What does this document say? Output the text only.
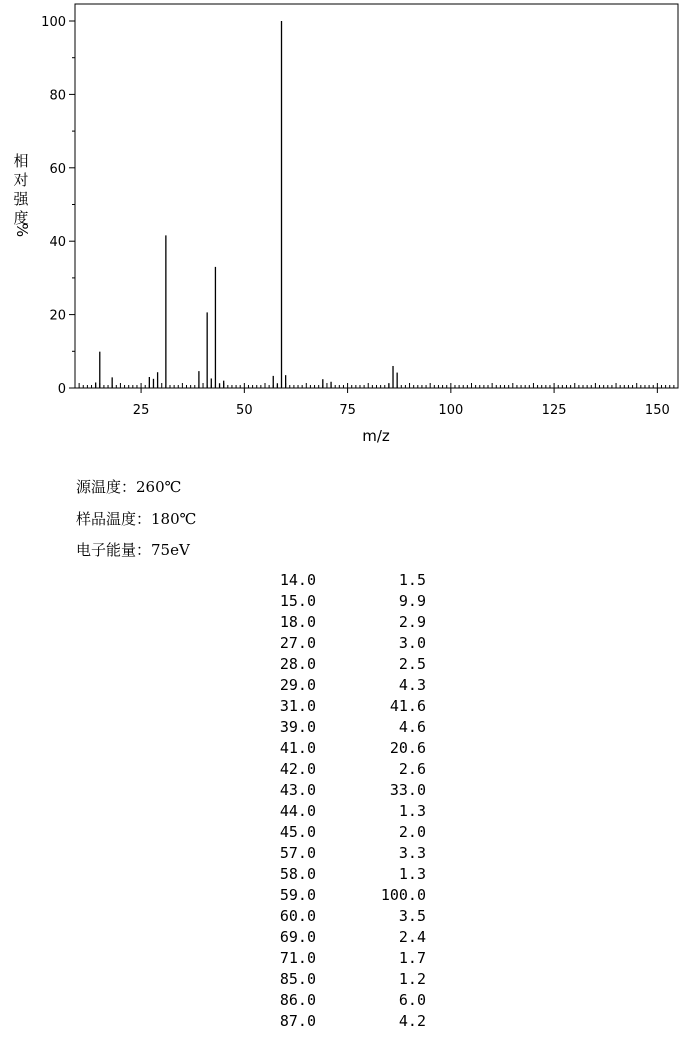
25	50	75	100	125	150
0
20
40
60
80
100
m/z
相
对
强
度
%
源温度：260℃
样品温度：180℃
电子能量：75eV
14.0	1.5
15.0	9.9
18.0	2.9
27.0	3.0
28.0	2.5
29.0	4.3
31.0	41.6
39.0	4.6
41.0	20.6
42.0	2.6
43.0	33.0
44.0	1.3
45.0	2.0
57.0	3.3
58.0	1.3
59.0	100.0
60.0	3.5
69.0	2.4
71.0	1.7
85.0	1.2
86.0	6.0
87.0	4.2
